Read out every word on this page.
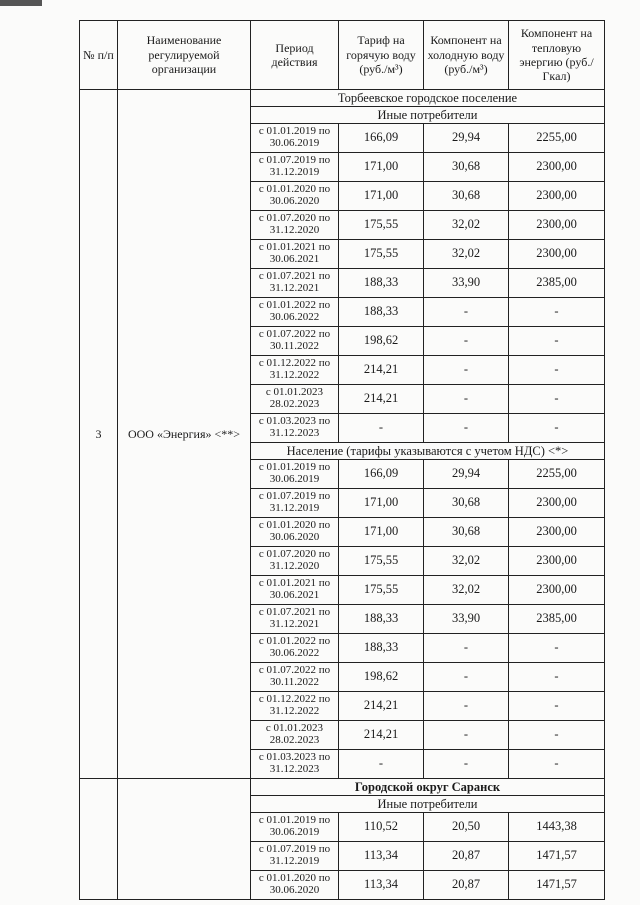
№ п/п	Наименование регулируемой организации	Период действия	Тариф на горячую воду (руб./м³)	Компонент на холодную воду (руб./м³)	Компонент на тепловую энергию (руб./Гкал)
3	ООО «Энергия» <**>	Торбеевское городское поселение			
		Иные потребители			
		с 01.01.2019 по 30.06.2019	166,09	29,94	2255,00
		с 01.07.2019 по 31.12.2019	171,00	30,68	2300,00
		с 01.01.2020 по 30.06.2020	171,00	30,68	2300,00
		с 01.07.2020 по 31.12.2020	175,55	32,02	2300,00
		с 01.01.2021 по 30.06.2021	175,55	32,02	2300,00
		с 01.07.2021 по 31.12.2021	188,33	33,90	2385,00
		с 01.01.2022 по 30.06.2022	188,33	-	-
		с 01.07.2022 по 30.11.2022	198,62	-	-
		с 01.12.2022 по 31.12.2022	214,21	-	-
		с 01.01.2023 28.02.2023	214,21	-	-
		с 01.03.2023 по 31.12.2023	-	-	-
		Население (тарифы указываются с учетом НДС) <*>			
		с 01.01.2019 по 30.06.2019	166,09	29,94	2255,00
		с 01.07.2019 по 31.12.2019	171,00	30,68	2300,00
		с 01.01.2020 по 30.06.2020	171,00	30,68	2300,00
		с 01.07.2020 по 31.12.2020	175,55	32,02	2300,00
		с 01.01.2021 по 30.06.2021	175,55	32,02	2300,00
		с 01.07.2021 по 31.12.2021	188,33	33,90	2385,00
		с 01.01.2022 по 30.06.2022	188,33	-	-
		с 01.07.2022 по 30.11.2022	198,62	-	-
		с 01.12.2022 по 31.12.2022	214,21	-	-
		с 01.01.2023 28.02.2023	214,21	-	-
		с 01.03.2023 по 31.12.2023	-	-	-
		Городской округ Саранск			
		Иные потребители			
		с 01.01.2019 по 30.06.2019	110,52	20,50	1443,38
		с 01.07.2019 по 31.12.2019	113,34	20,87	1471,57
		с 01.01.2020 по 30.06.2020	113,34	20,87	1471,57
